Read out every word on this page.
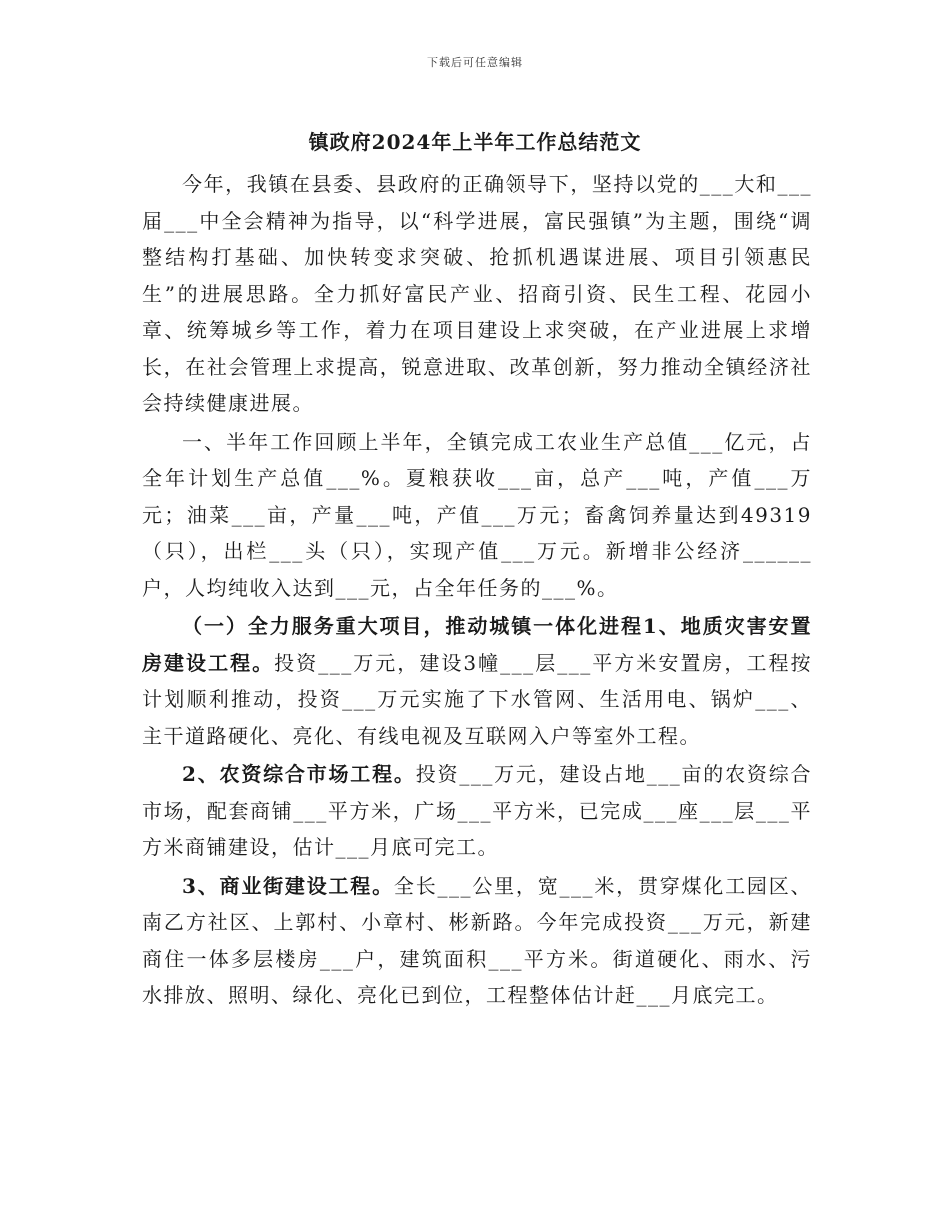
下载后可任意编辑
镇政府2024年上半年工作总结范文

今年，我镇在县委、县政府的正确领导下，坚持以党的___大和___届___中全会精神为指导，以“科学进展，富民强镇”为主题，围绕“调整结构打基础、加快转变求突破、抢抓机遇谋进展、项目引领惠民生”的进展思路。全力抓好富民产业、招商引资、民生工程、花园小章、统筹城乡等工作，着力在项目建设上求突破，在产业进展上求增长，在社会管理上求提高，锐意进取、改革创新，努力推动全镇经济社会持续健康进展。

一、半年工作回顾上半年，全镇完成工农业生产总值___亿元，占全年计划生产总值___%。夏粮获收___亩，总产___吨，产值___万元；油菜___亩，产量___吨，产值___万元；畜禽饲养量达到49319（只），出栏___头（只），实现产值___万元。新增非公经济______户，人均纯收入达到___元，占全年任务的___%。

（一）全力服务重大项目，推动城镇一体化进程1、地质灾害安置房建设工程。投资___万元，建设3幢___层___平方米安置房，工程按计划顺利推动，投资___万元实施了下水管网、生活用电、锅炉___、主干道路硬化、亮化、有线电视及互联网入户等室外工程。

2、农资综合市场工程。投资___万元，建设占地___亩的农资综合市场，配套商铺___平方米，广场___平方米，已完成___座___层___平方米商铺建设，估计___月底可完工。

3、商业街建设工程。全长___公里，宽___米，贯穿煤化工园区、南乙方社区、上郭村、小章村、彬新路。今年完成投资___万元，新建商住一体多层楼房___户，建筑面积___平方米。街道硬化、雨水、污水排放、照明、绿化、亮化已到位，工程整体估计赶___月底完工。
